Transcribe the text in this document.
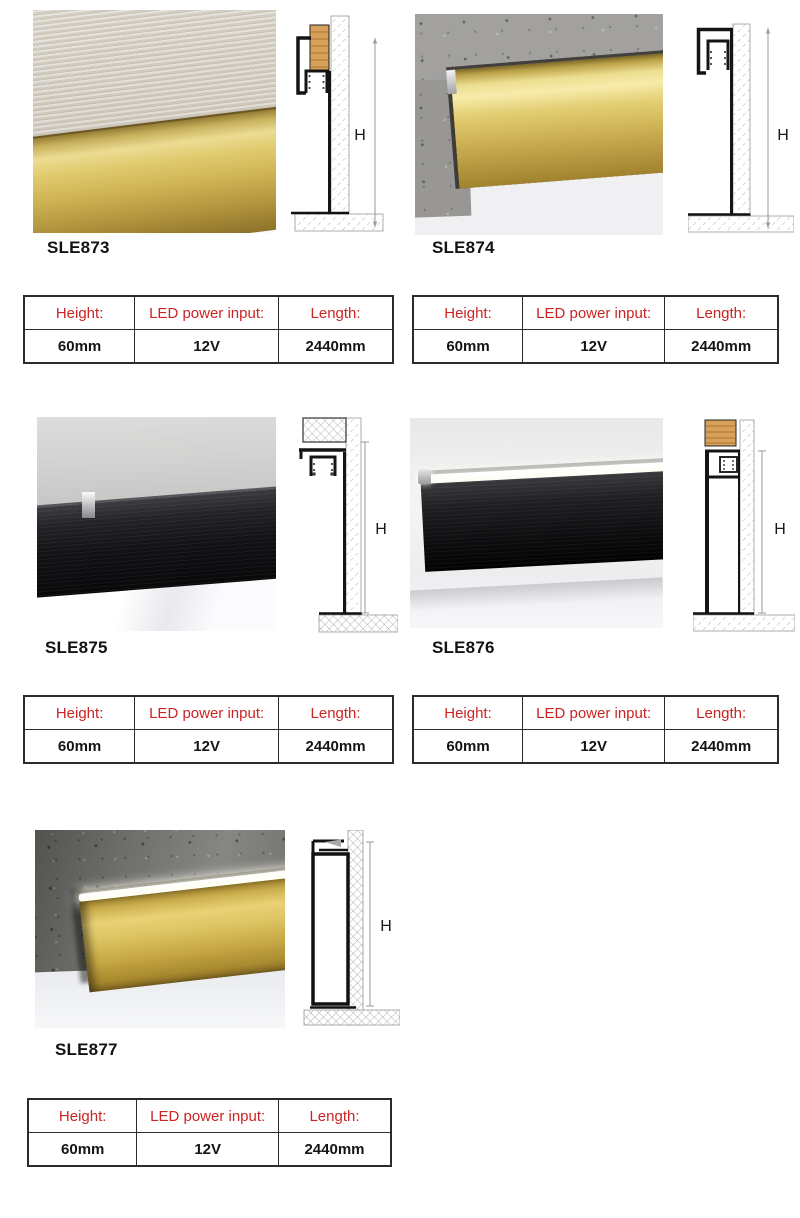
H
SLE873
Height:	LED power input:	Length:
60mm	12V	2440mm
H
SLE874
Height:	LED power input:	Length:
60mm	12V	2440mm
H
SLE875
Height:	LED power input:	Length:
60mm	12V	2440mm
H
SLE876
Height:	LED power input:	Length:
60mm	12V	2440mm
H
SLE877
Height:	LED power input:	Length:
60mm	12V	2440mm
